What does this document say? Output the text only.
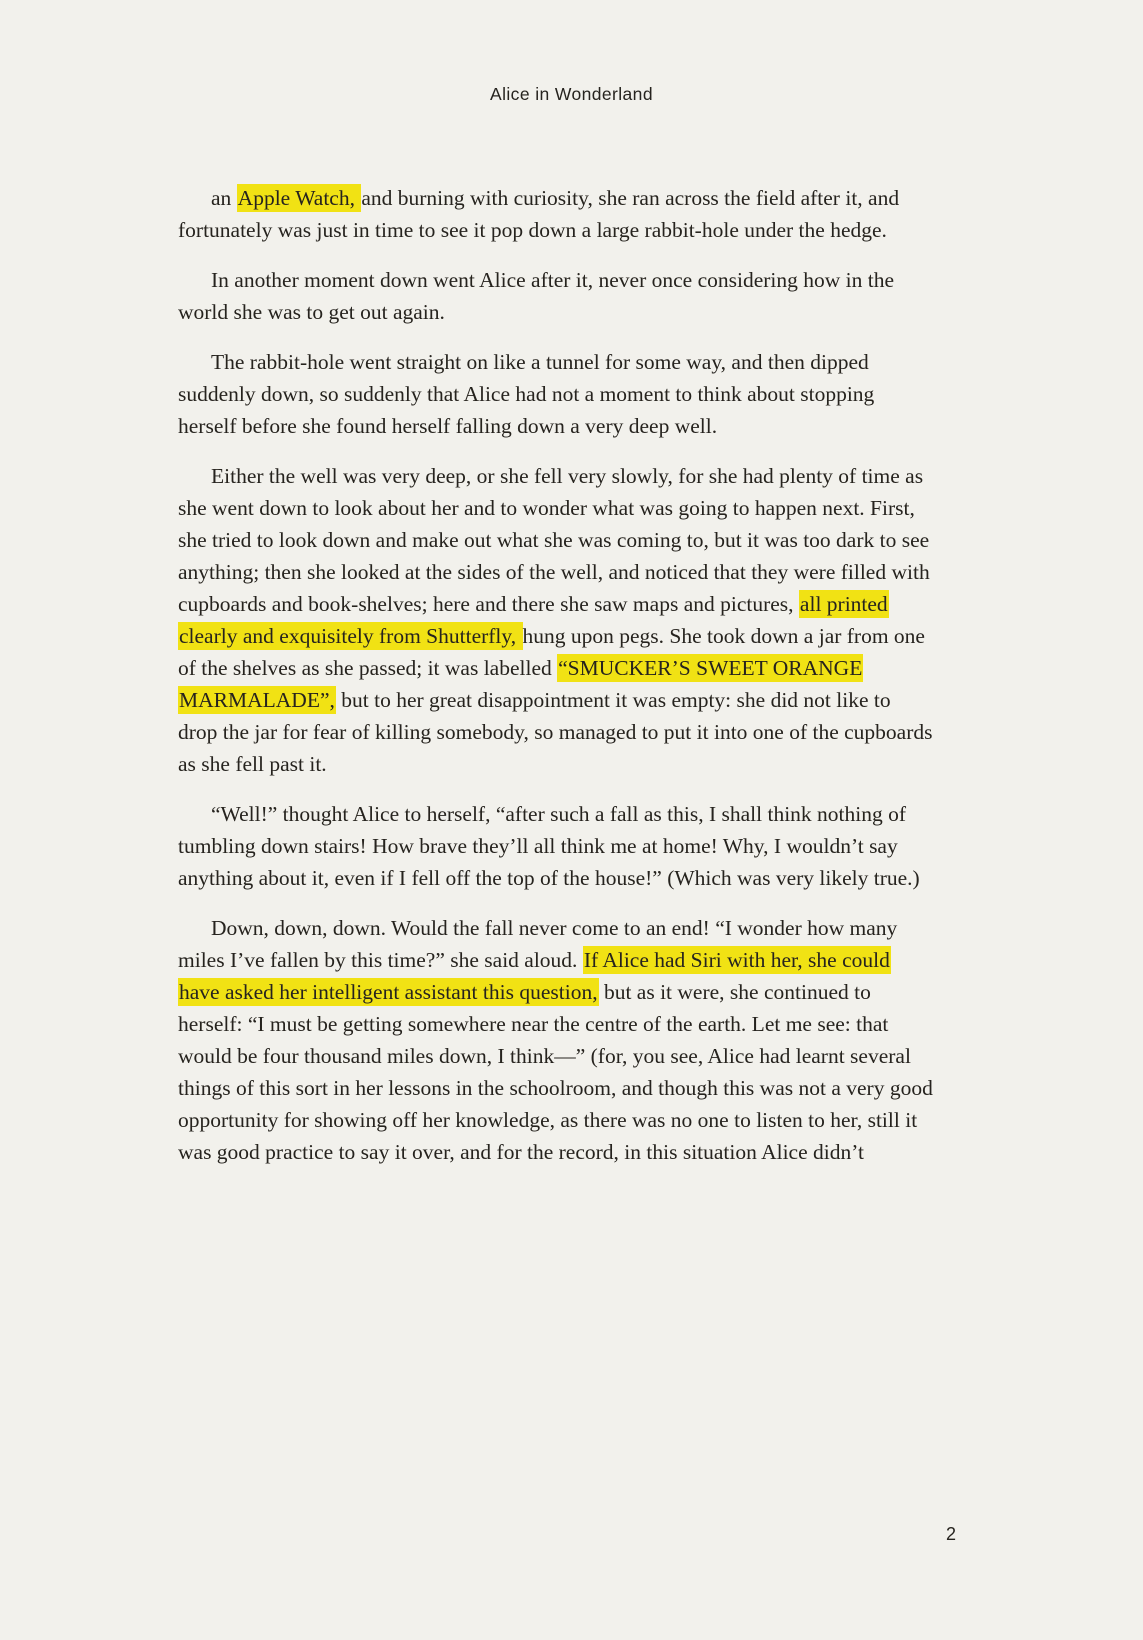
Alice in Wonderland

an Apple Watch, and burning with curiosity, she ran across the field after it, and fortunately was just in time to see it pop down a large rabbit-hole under the hedge.

In another moment down went Alice after it, never once considering how in the world she was to get out again.

The rabbit-hole went straight on like a tunnel for some way, and then dipped suddenly down, so suddenly that Alice had not a moment to think about stopping herself before she found herself falling down a very deep well.

Either the well was very deep, or she fell very slowly, for she had plenty of time as she went down to look about her and to wonder what was going to happen next. First, she tried to look down and make out what she was coming to, but it was too dark to see anything; then she looked at the sides of the well, and noticed that they were filled with cupboards and book-shelves; here and there she saw maps and pictures, all printed clearly and exquisitely from Shutterfly, hung upon pegs. She took down a jar from one of the shelves as she passed; it was labelled “SMUCKER’S SWEET ORANGE MARMALADE”, but to her great disappointment it was empty: she did not like to drop the jar for fear of killing somebody, so managed to put it into one of the cupboards as she fell past it.

“Well!” thought Alice to herself, “after such a fall as this, I shall think nothing of tumbling down stairs! How brave they’ll all think me at home! Why, I wouldn’t say anything about it, even if I fell off the top of the house!” (Which was very likely true.)

Down, down, down. Would the fall never come to an end! “I wonder how many miles I’ve fallen by this time?” she said aloud. If Alice had Siri with her, she could have asked her intelligent assistant this question, but as it were, she continued to herself: “I must be getting somewhere near the centre of the earth. Let me see: that would be four thousand miles down, I think—” (for, you see, Alice had learnt several things of this sort in her lessons in the schoolroom, and though this was not a very good opportunity for showing off her knowledge, as there was no one to listen to her, still it was good practice to say it over, and for the record, in this situation Alice didn’t

2
